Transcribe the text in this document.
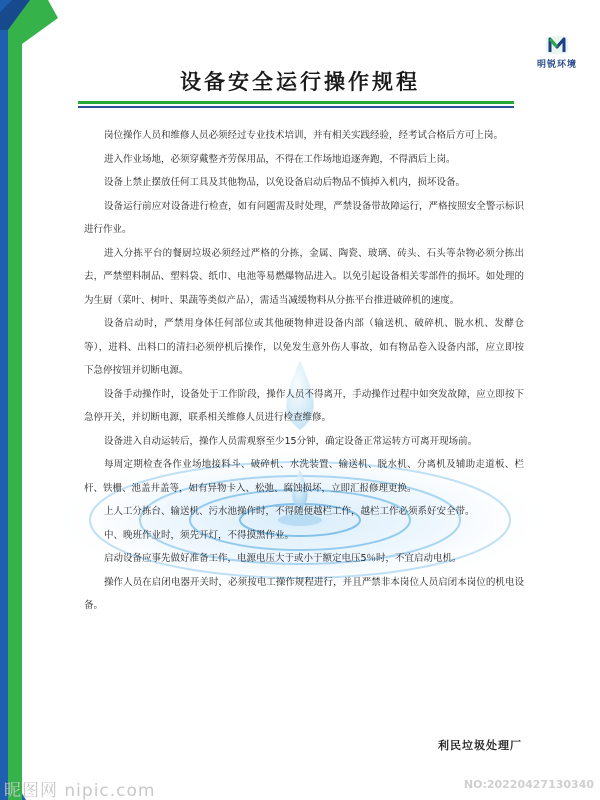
明锐环境
设备安全运行操作规程

岗位操作人员和维修人员必须经过专业技术培训，并有相关实践经验，经考试合格后方可上岗。

进入作业场地，必须穿戴整齐劳保用品，不得在工作场地追逐奔跑，不得酒后上岗。

设备上禁止摆放任何工具及其他物品，以免设备启动后物品不慎掉入机内，损坏设备。

设备运行前应对设备进行检查，如有问题需及时处理，严禁设备带故障运行，严格按照安全警示标识进行作业。

进入分拣平台的餐厨垃圾必须经过严格的分拣，金属、陶瓷、玻璃、砖头、石头等杂物必须分拣出去，严禁塑料制品、塑料袋、纸巾、电池等易燃爆物品进入。以免引起设备相关零部件的损坏。如处理的为生厨（菜叶、树叶、果蔬等类似产品），需适当减缓物料从分拣平台推进破碎机的速度。

设备启动时，严禁用身体任何部位或其他硬物伸进设备内部（输送机、破碎机、脱水机、发酵仓等），进料、出料口的清扫必须停机后操作，以免发生意外伤人事故，如有物品卷入设备内部，应立即按下急停按钮并切断电源。

设备手动操作时，设备处于工作阶段，操作人员不得离开，手动操作过程中如突发故障，应立即按下急停开关，并切断电源，联系相关维修人员进行检查维修。

设备进入自动运转后，操作人员需观察至少15分钟，确定设备正常运转方可离开现场前。

每周定期检查各作业场地接料斗、破碎机、水洗装置、输送机、脱水机、分离机及辅助走道板、栏杆、铁栅、池盖井盖等，如有异物卡入、松弛、腐蚀损坏，立即汇报修理更换。

上人工分拣台、输送机、污水池操作时，不得随便越栏工作，越栏工作必须系好安全带。

中、晚班作业时，须先开灯，不得摸黑作业。

启动设备应事先做好准备工作，电源电压大于或小于额定电压5％时，不宜启动电机。

操作人员在启闭电器开关时，必须按电工操作规程进行，并且严禁非本岗位人员启闭本岗位的机电设备。

利民垃圾处理厂
昵图网 nipic.com	NO:20220427130340
